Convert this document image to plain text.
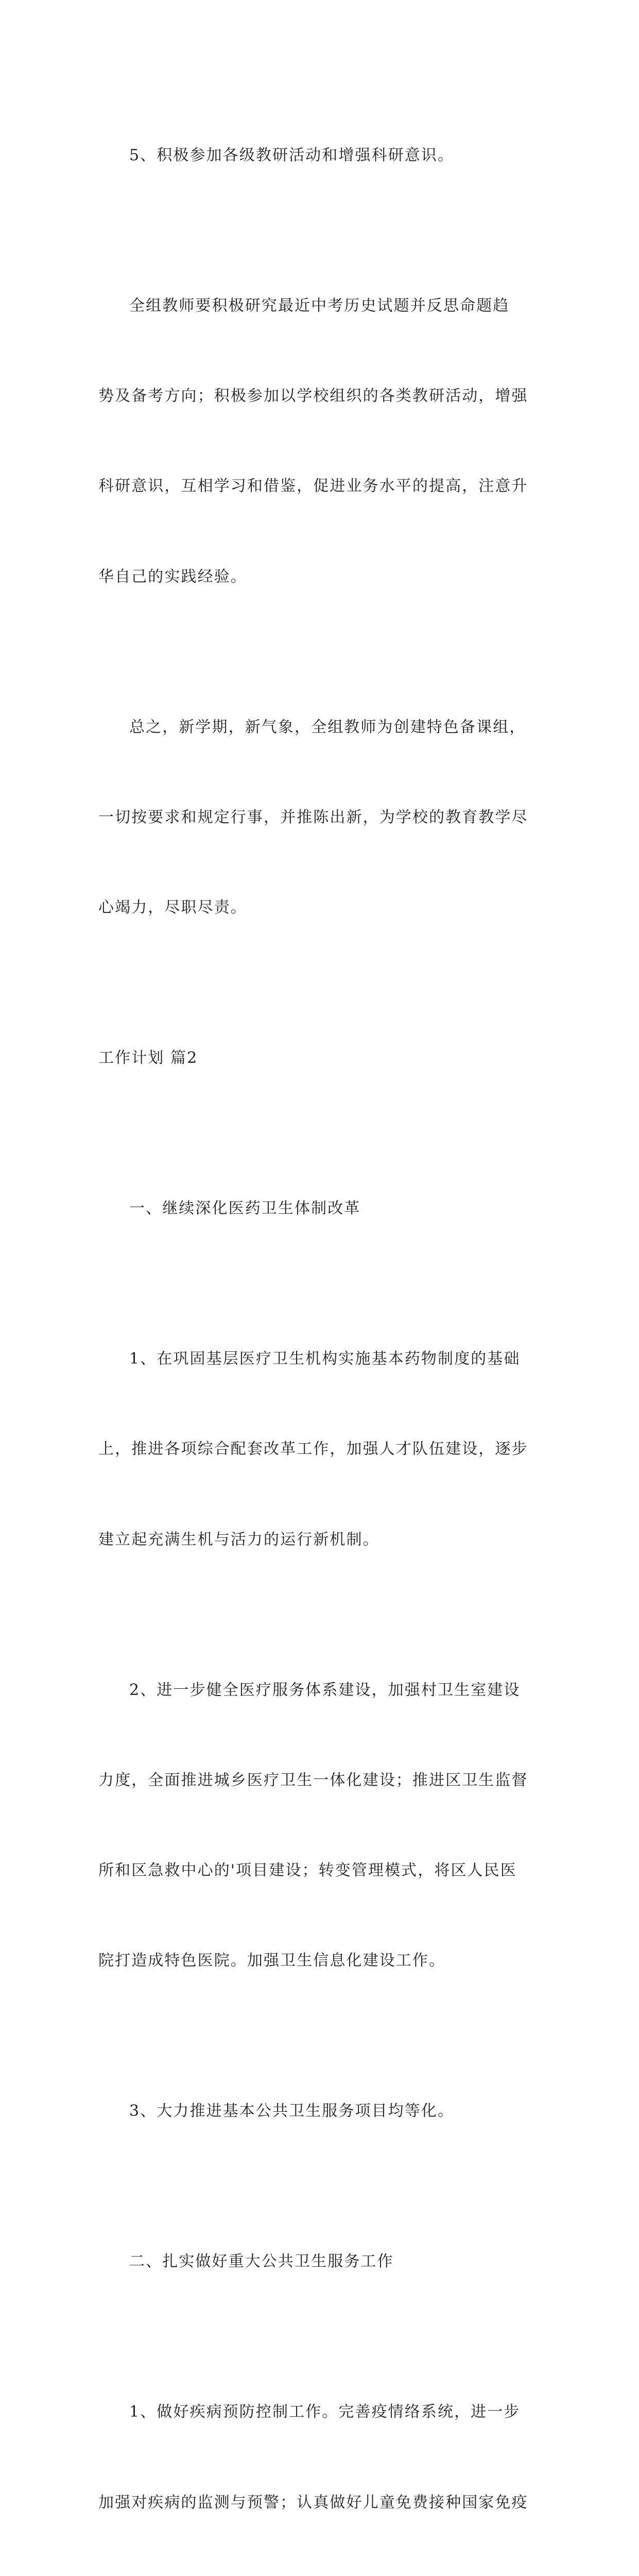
5、积极参加各级教研活动和增强科研意识。

全组教师要积极研究最近中考历史试题并反思命题趋

势及备考方向；积极参加以学校组织的各类教研活动，增强

科研意识，互相学习和借鉴，促进业务水平的提高，注意升

华自己的实践经验。

总之，新学期，新气象，全组教师为创建特色备课组，

一切按要求和规定行事，并推陈出新，为学校的教育教学尽

心竭力，尽职尽责。

工作计划 篇2

一、继续深化医药卫生体制改革

1、在巩固基层医疗卫生机构实施基本药物制度的基础

上，推进各项综合配套改革工作，加强人才队伍建设，逐步

建立起充满生机与活力的运行新机制。

2、进一步健全医疗服务体系建设，加强村卫生室建设

力度，全面推进城乡医疗卫生一体化建设；推进区卫生监督

所和区急救中心的'项目建设；转变管理模式，将区人民医

院打造成特色医院。加强卫生信息化建设工作。

3、大力推进基本公共卫生服务项目均等化。

二、扎实做好重大公共卫生服务工作

1、做好疾病预防控制工作。完善疫情络系统，进一步

加强对疾病的监测与预警；认真做好儿童免费接种国家免疫
